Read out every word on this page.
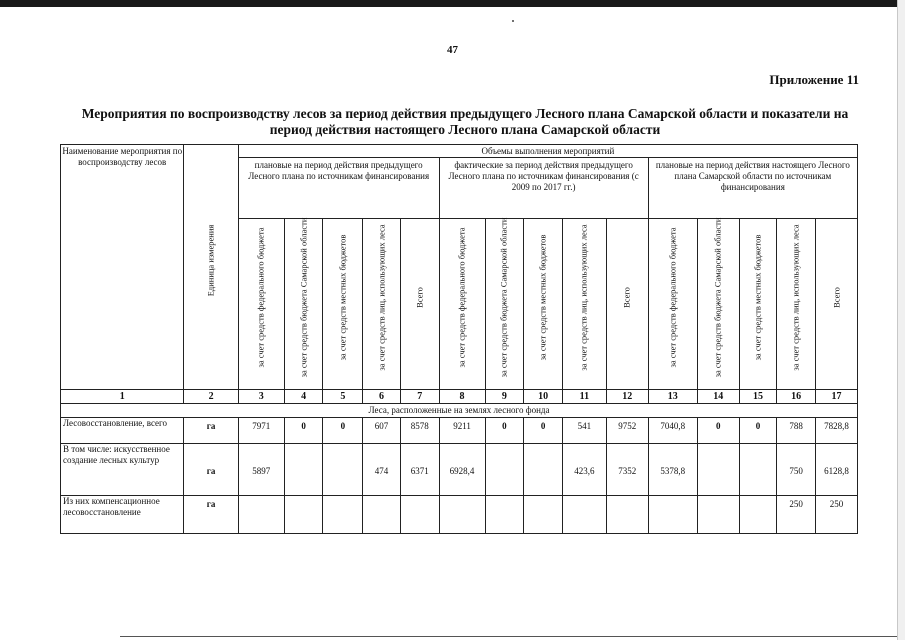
47
Приложение 11
Мероприятия по воспроизводству лесов за период действия предыдущего Лесного плана Самарской области и показатели на период действия настоящего Лесного плана Самарской области
Наименование мероприятия по воспроизводству лесов	Единица измерения	Объемы выполнения мероприятий														
		плановые на период действия предыдущего Лесного плана по источникам финансирования					фактические за период действия предыдущего Лесного плана по источникам финансирования (с 2009 по 2017 гг.)					плановые на период действия настоящего Лесного плана Самарской области по источникам финансирования				

		за счет средств федерального бюджета	за счет средств бюджета Самарской области	за счет средств местных бюджетов	за счет средств лиц, использующих леса	Всего	за счет средств федерального бюджета	за счет средств бюджета Самарской области	за счет средств местных бюджетов	за счет средств лиц, использующих леса	Всего	за счет средств федерального бюджета	за счет средств бюджета Самарской области	за счет средств местных бюджетов	за счет средств лиц, использующих леса	Всего

1	2	3	4	5	6	7	8	9	10	11	12	13	14	15	16	17
Леса, расположенные на землях лесного фонда																
Лесовосстановление, всего	га	7971	0	0	607	8578	9211	0	0	541	9752	7040,8	0	0	788	7828,8
В том числе: искусственное создание лесных культур	га	5897			474	6371	6928,4			423,6	7352	5378,8			750	6128,8
Из них компенсационное лесовосстановление	га														250	250
